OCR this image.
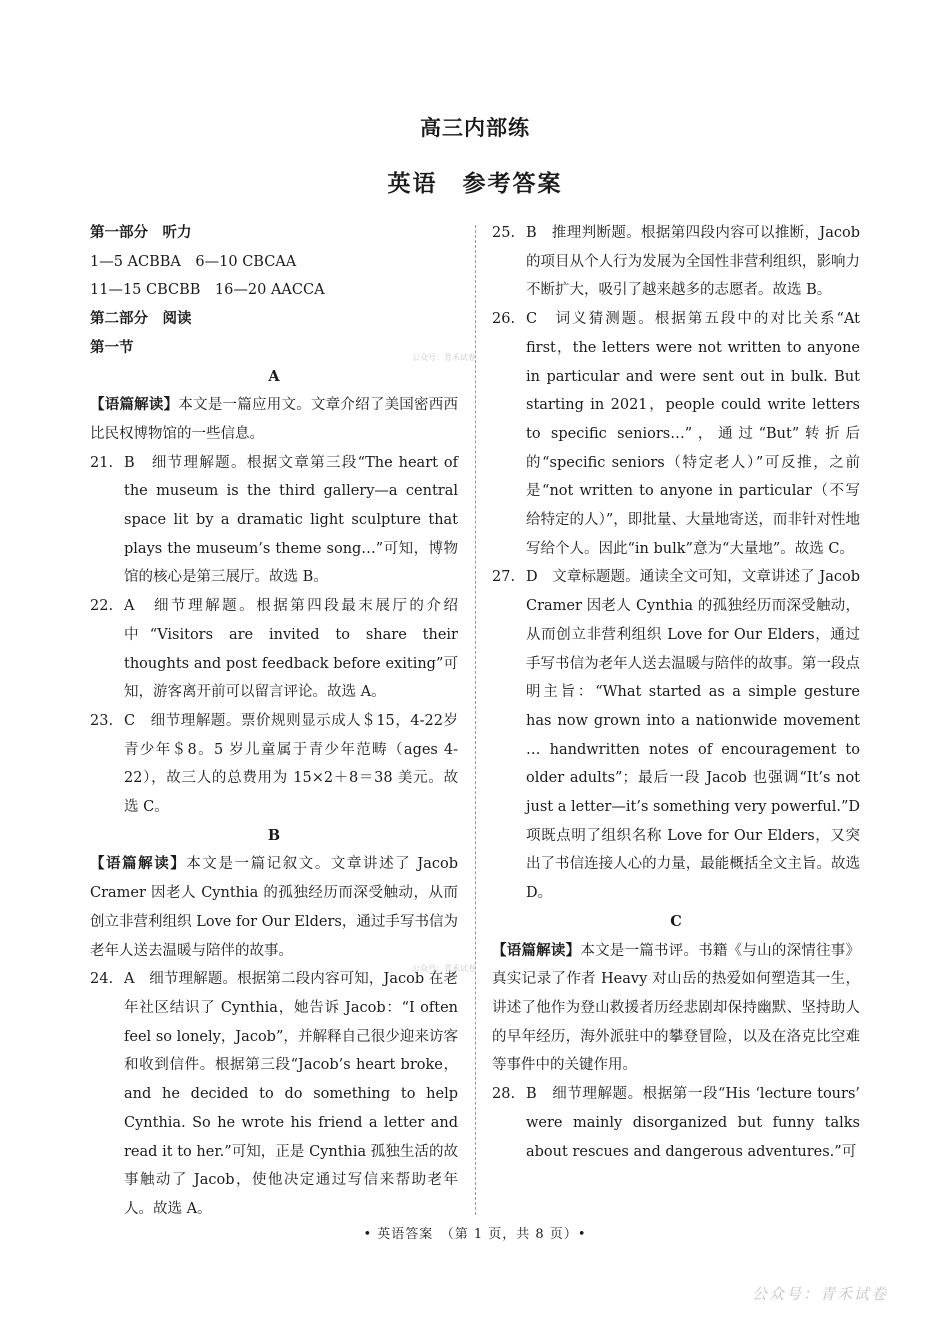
高三内部练
英语　参考答案

第一部分　听力

1—5 ACBBA　6—10 CBCAA

11—15 CBCBB　16—20 AACCA

第二部分　阅读

第一节

A

【语篇解读】本文是一篇应用文。文章介绍了美国密西西比民权博物馆的一些信息。

21. B　细节理解题。根据文章第三段“The heart of the museum is the third gallery—a central space lit by a dramatic light sculpture that plays the museum’s theme song…”可知，博物馆的核心是第三展厅。故选 B。
22. A　细节理解题。根据第四段最末展厅的介绍中“Visitors are invited to share their thoughts and post feedback before exiting”可知，游客离开前可以留言评论。故选 A。
23. C　细节理解题。票价规则显示成人＄15，4-22岁青少年＄8。5 岁儿童属于青少年范畴（ages 4-22），故三人的总费用为 15×2＋8＝38 美元。故选 C。

B

【语篇解读】本文是一篇记叙文。文章讲述了 Jacob Cramer 因老人 Cynthia 的孤独经历而深受触动，从而创立非营利组织 Love for Our Elders，通过手写书信为老年人送去温暖与陪伴的故事。

24. A　细节理解题。根据第二段内容可知，Jacob 在老年社区结识了 Cynthia，她告诉 Jacob：“I often feel so lonely，Jacob”，并解释自己很少迎来访客和收到信件。根据第三段“Jacob’s heart broke，and he decided to do something to help Cynthia. So he wrote his friend a letter and read it to her.”可知，正是 Cynthia 孤独生活的故事触动了 Jacob，使他决定通过写信来帮助老年人。故选 A。
25. B　推理判断题。根据第四段内容可以推断，Jacob 的项目从个人行为发展为全国性非营利组织，影响力不断扩大，吸引了越来越多的志愿者。故选 B。
26. C　词义猜测题。根据第五段中的对比关系“At first，the letters were not written to anyone in particular and were sent out in bulk. But starting in 2021，people could write letters to specific seniors…”，通过“But”转折后的“specific seniors（特定老人）”可反推，之前是“not written to anyone in particular（不写给特定的人）”，即批量、大量地寄送，而非针对性地写给个人。因此“in bulk”意为“大量地”。故选 C。
27. D　文章标题题。通读全文可知，文章讲述了 Jacob Cramer 因老人 Cynthia 的孤独经历而深受触动，从而创立非营利组织 Love for Our Elders，通过手写书信为老年人送去温暖与陪伴的故事。第一段点明主旨：“What started as a simple gesture has now grown into a nationwide movement … handwritten notes of encouragement to older adults”；最后一段 Jacob 也强调“It’s not just a letter—it’s something very powerful.”D 项既点明了组织名称 Love for Our Elders，又突出了书信连接人心的力量，最能概括全文主旨。故选 D。

C

【语篇解读】本文是一篇书评。书籍《与山的深情往事》真实记录了作者 Heavy 对山岳的热爱如何塑造其一生，讲述了他作为登山救援者历经悲剧却保持幽默、坚持助人的早年经历，海外派驻中的攀登冒险，以及在洛克比空难等事件中的关键作用。

28. B　细节理解题。根据第一段“His ‘lecture tours’ were mainly disorganized but funny talks about rescues and dangerous adventures.”可
公众号：青禾试卷
公众号：青禾试卷
• 英语答案　（第 1 页，共 8 页）•
公众号：青禾试卷
